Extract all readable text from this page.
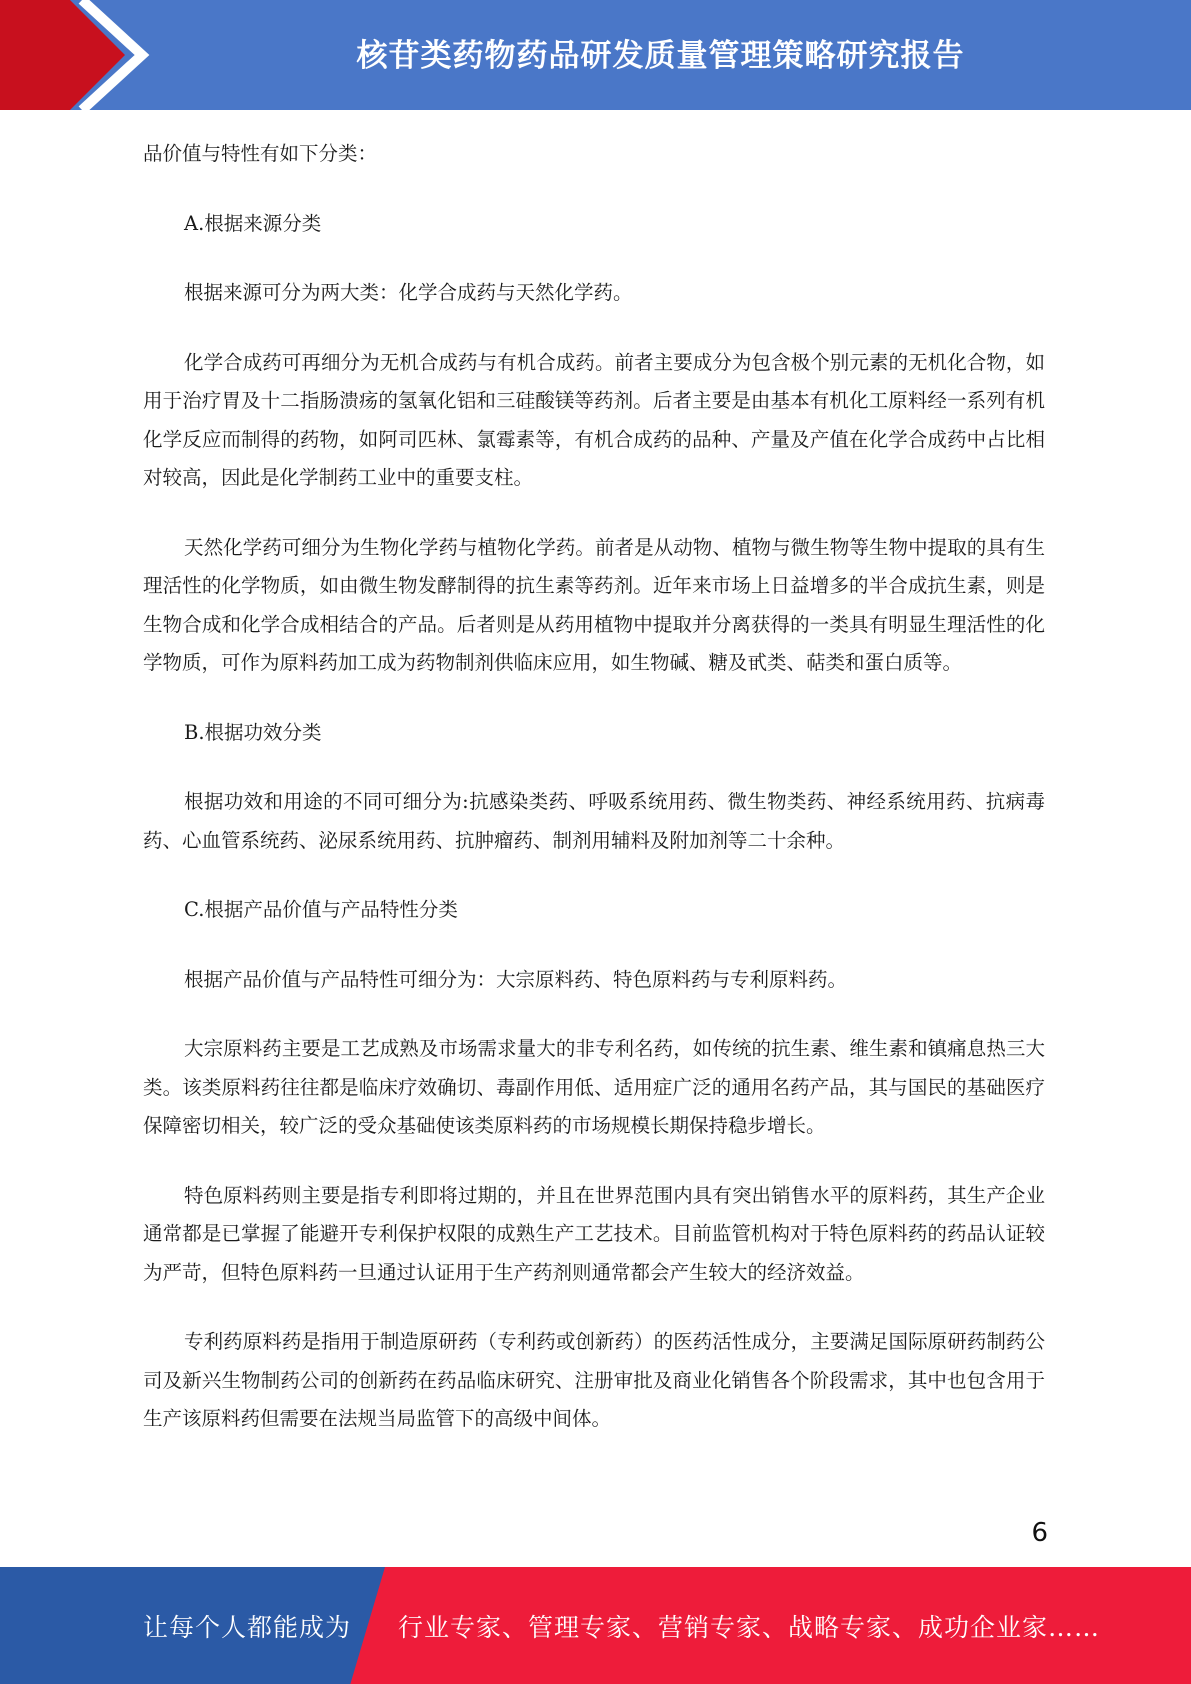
核苷类药物药品研发质量管理策略研究报告

品价值与特性有如下分类：

A.根据来源分类

根据来源可分为两大类：化学合成药与天然化学药。

化学合成药可再细分为无机合成药与有机合成药。前者主要成分为包含极个别元素的无机化合物，如用于治疗胃及十二指肠溃疡的氢氧化铝和三硅酸镁等药剂。后者主要是由基本有机化工原料经一系列有机化学反应而制得的药物，如阿司匹林、氯霉素等，有机合成药的品种、产量及产值在化学合成药中占比相对较高，因此是化学制药工业中的重要支柱。

天然化学药可细分为生物化学药与植物化学药。前者是从动物、植物与微生物等生物中提取的具有生理活性的化学物质，如由微生物发酵制得的抗生素等药剂。近年来市场上日益增多的半合成抗生素，则是生物合成和化学合成相结合的产品。后者则是从药用植物中提取并分离获得的一类具有明显生理活性的化学物质，可作为原料药加工成为药物制剂供临床应用，如生物碱、糖及甙类、萜类和蛋白质等。

B.根据功效分类

根据功效和用途的不同可细分为:抗感染类药、呼吸系统用药、微生物类药、神经系统用药、抗病毒药、心血管系统药、泌尿系统用药、抗肿瘤药、制剂用辅料及附加剂等二十余种。

C.根据产品价值与产品特性分类

根据产品价值与产品特性可细分为：大宗原料药、特色原料药与专利原料药。

大宗原料药主要是工艺成熟及市场需求量大的非专利名药，如传统的抗生素、维生素和镇痛息热三大类。该类原料药往往都是临床疗效确切、毒副作用低、适用症广泛的通用名药产品，其与国民的基础医疗保障密切相关，较广泛的受众基础使该类原料药的市场规模长期保持稳步增长。

特色原料药则主要是指专利即将过期的，并且在世界范围内具有突出销售水平的原料药，其生产企业通常都是已掌握了能避开专利保护权限的成熟生产工艺技术。目前监管机构对于特色原料药的药品认证较为严苛，但特色原料药一旦通过认证用于生产药剂则通常都会产生较大的经济效益。

专利药原料药是指用于制造原研药（专利药或创新药）的医药活性成分，主要满足国际原研药制药公司及新兴生物制药公司的创新药在药品临床研究、注册审批及商业化销售各个阶段需求，其中也包含用于生产该原料药但需要在法规当局监管下的高级中间体。

6
让每个人都能成为 行业专家、管理专家、营销专家、战略专家、成功企业家……
